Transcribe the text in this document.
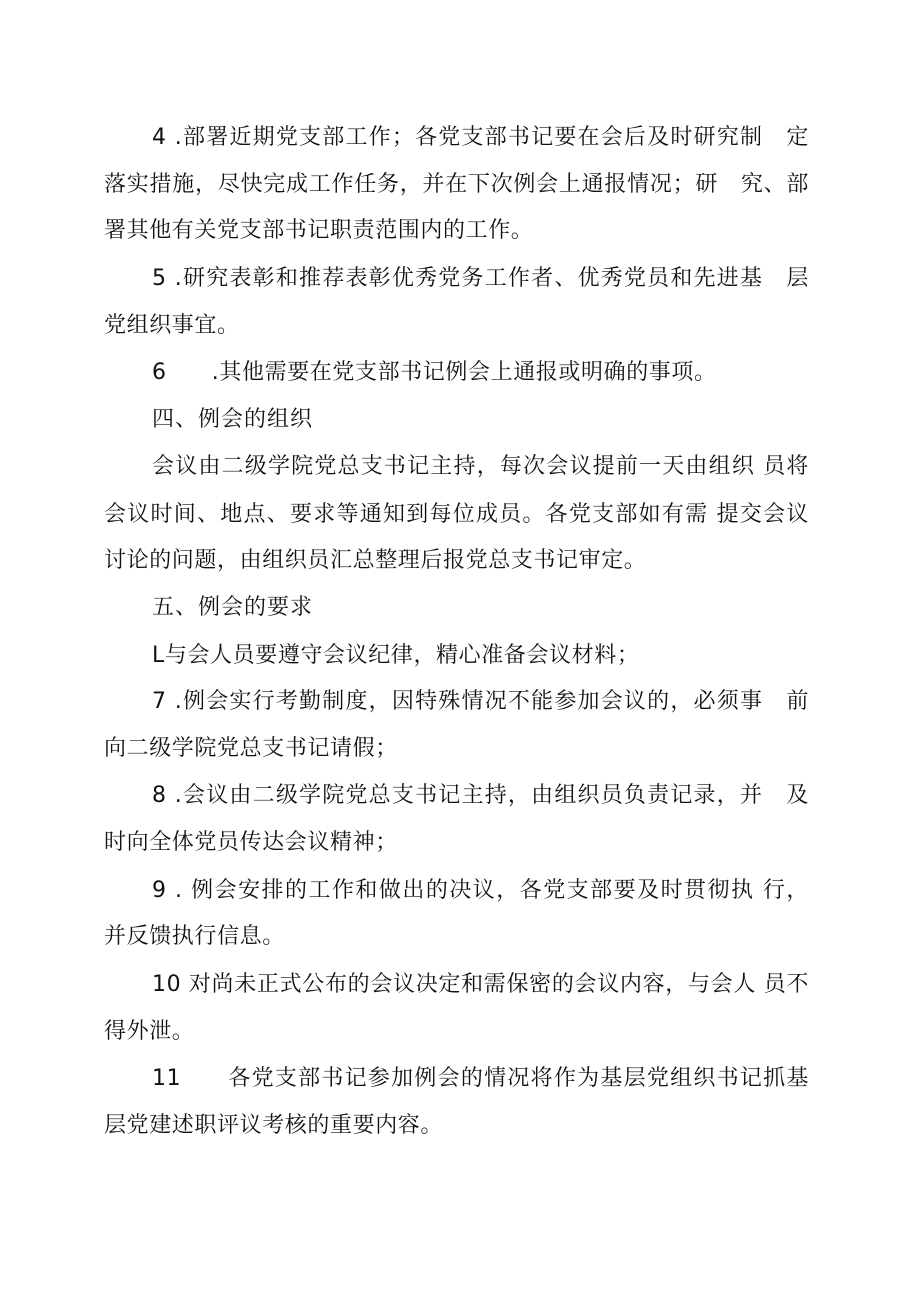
4 .部署近期党支部工作；各党支部书记要在会后及时研究制　定
落实措施，尽快完成工作任务，并在下次例会上通报情况；研　究、部
署其他有关党支部书记职责范围内的工作。
5 .研究表彰和推荐表彰优秀党务工作者、优秀党员和先进基　层
党组织事宜。
6　　.其他需要在党支部书记例会上通报或明确的事项。
四、例会的组织
会议由二级学院党总支书记主持，每次会议提前一天由组织 员将
会议时间、地点、要求等通知到每位成员。各党支部如有需 提交会议
讨论的问题，由组织员汇总整理后报党总支书记审定。
五、例会的要求
L与会人员要遵守会议纪律，精心准备会议材料；
7 .例会实行考勤制度，因特殊情况不能参加会议的，必须事　前
向二级学院党总支书记请假；
8 .会议由二级学院党总支书记主持，由组织员负责记录，并　及
时向全体党员传达会议精神；
9 . 例会安排的工作和做出的决议，各党支部要及时贯彻执 行，
并反馈执行信息。
10 对尚未正式公布的会议决定和需保密的会议内容，与会人 员不
得外泄。
11　　各党支部书记参加例会的情况将作为基层党组织书记抓基
层党建述职评议考核的重要内容。
